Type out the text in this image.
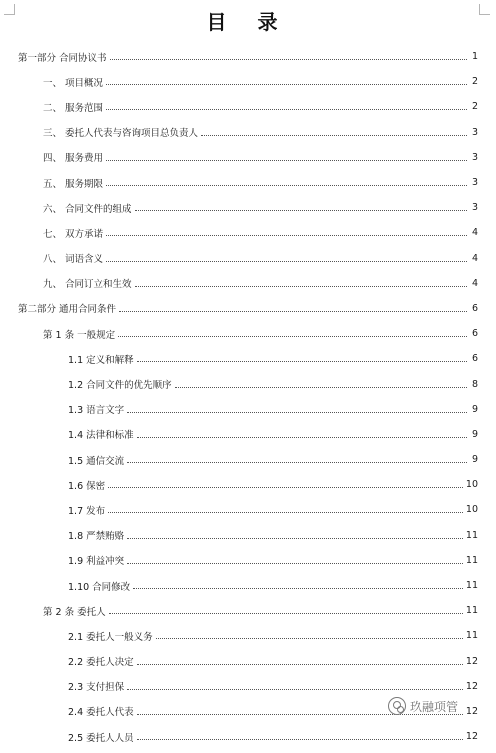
目 录
第一部分 合同协议书	1
一、 项目概况	2
二、 服务范围	2
三、 委托人代表与咨询项目总负责人	3
四、 服务费用	3
五、 服务期限	3
六、 合同文件的组成	3
七、 双方承诺	4
八、 词语含义	4
九、 合同订立和生效	4
第二部分 通用合同条件	6
第 1 条 一般规定	6
1.1 定义和解释	6
1.2 合同文件的优先顺序	8
1.3 语言文字	9
1.4 法律和标准	9
1.5 通信交流	9
1.6 保密	10
1.7 发布	10
1.8 严禁贿赂	11
1.9 利益冲突	11
1.10 合同修改	11
第 2 条 委托人	11
2.1 委托人一般义务	11
2.2 委托人决定	12
2.3 支付担保	12
2.4 委托人代表	12
2.5 委托人人员	12
玖融项管
